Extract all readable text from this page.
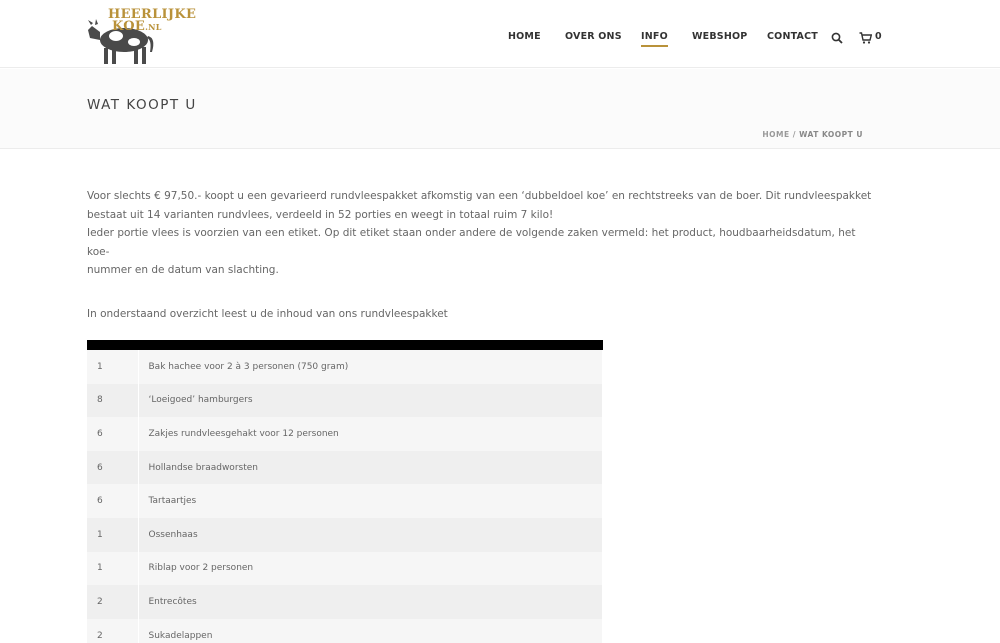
HEERLIJKE
KOE.NL
HOME	OVER ONS INFO	WEBSHOP CONTACT	0
WAT KOOPT U
HOME / WAT KOOPT U
Voor slechts € 97,50.- koopt u een gevarieerd rundvleespakket afkomstig van een ‘dubbeldoel koe’ en rechtstreeks van de boer. Dit rundvleespakket
bestaat uit 14 varianten rundvlees, verdeeld in 52 porties en weegt in totaal ruim 7 kilo!
Ieder portie vlees is voorzien van een etiket. Op dit etiket staan onder andere de volgende zaken vermeld: het product, houdbaarheidsdatum, het koe-
nummer en de datum van slachting.

In onderstaand overzicht leest u de inhoud van ons rundvleespakket

1	Bak hachee voor 2 à 3 personen (750 gram)
8	‘Loeigoed’ hamburgers
6	Zakjes rundvleesgehakt voor 12 personen
6	Hollandse braadworsten
6	Tartaartjes
1	Ossenhaas
1	Riblap voor 2 personen
2	Entrecôtes
2	Sukadelappen
